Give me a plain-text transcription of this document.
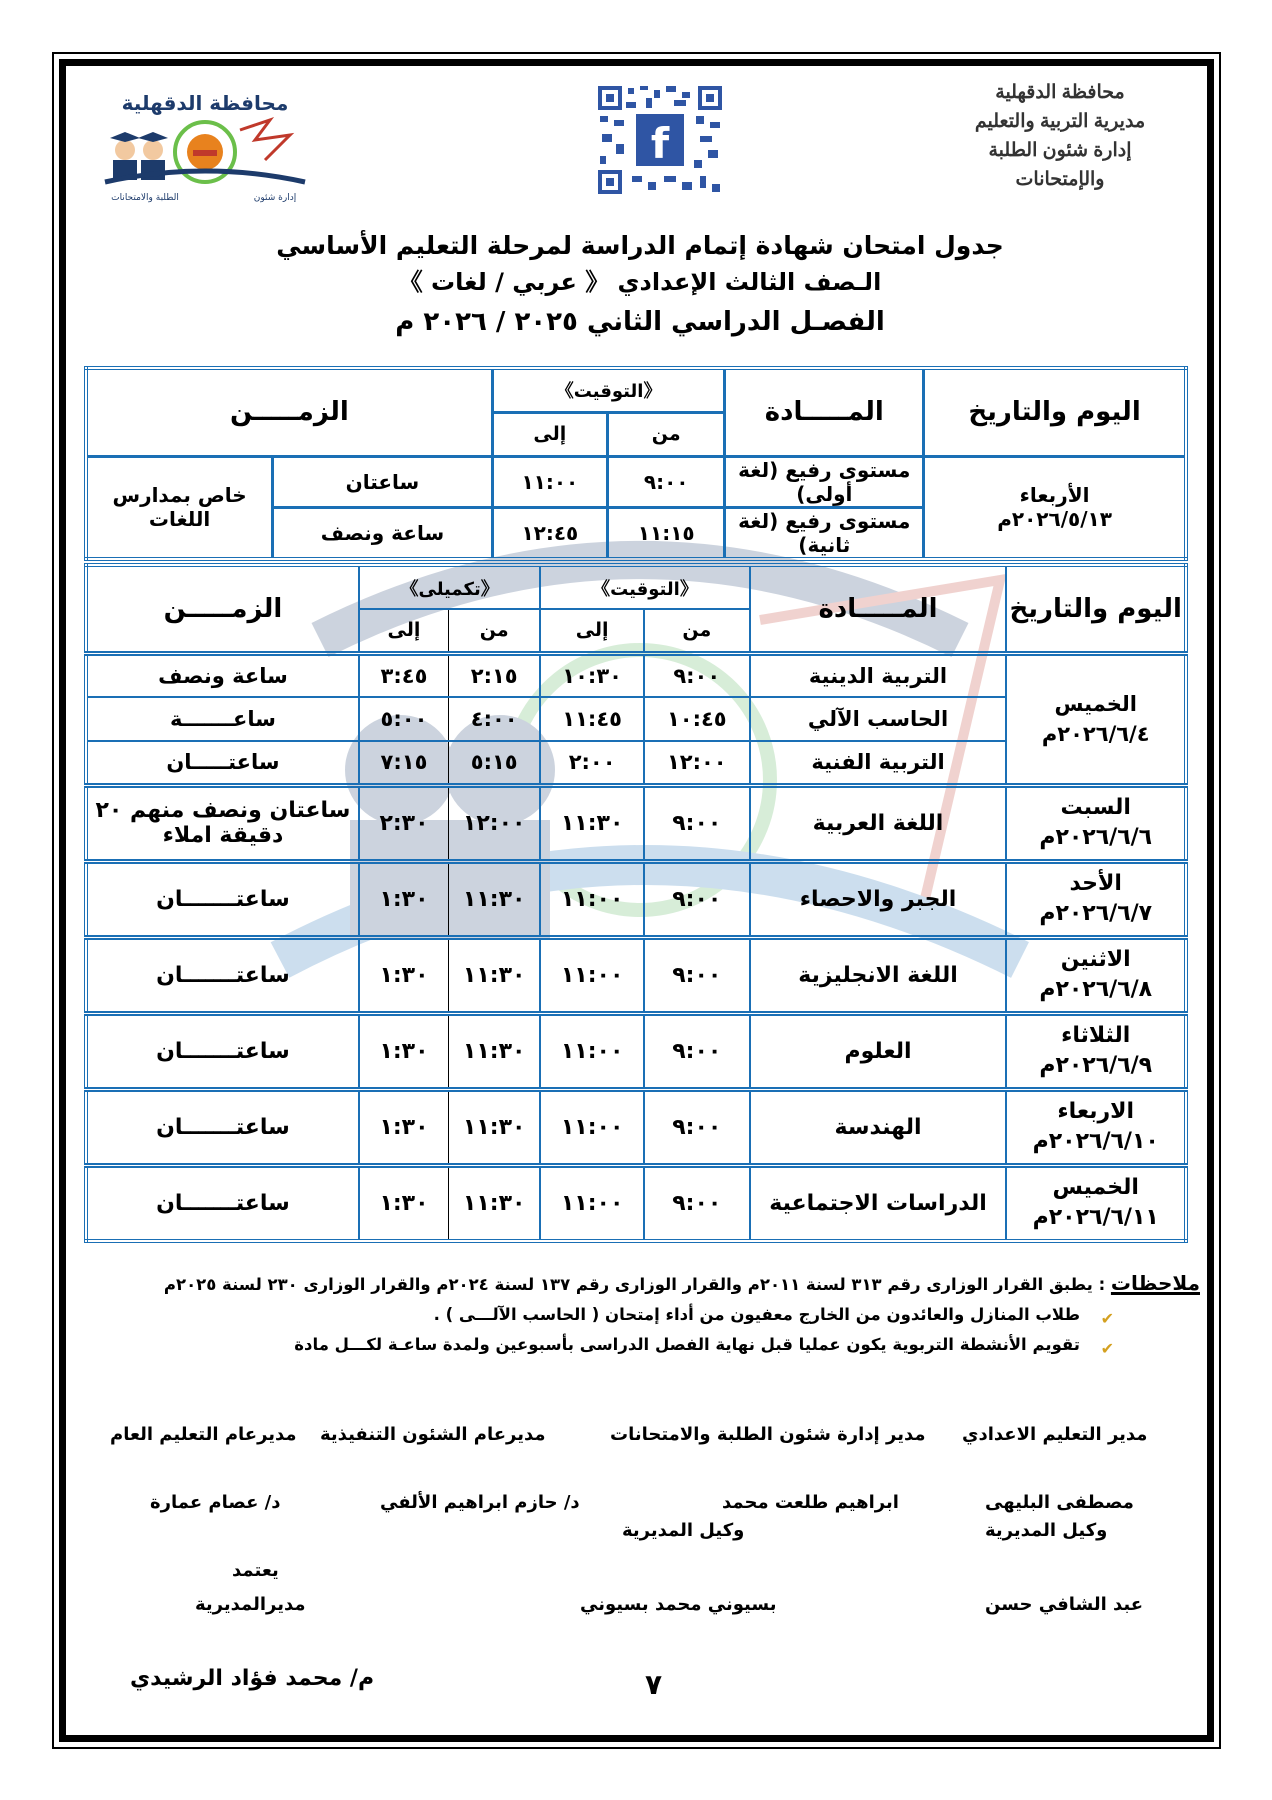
محافظة الدقهلية
مديرية التربية والتعليم
إدارة شئون الطلبة والإمتحانات
f
محافظة الدقهلية
الطلبة والامتحانات	إدارة شئون
جدول امتحان شهادة إتمام الدراسة لمرحلة التعليم الأساسي
الـصف الثالث الإعدادي 《 عربي / لغات 》
الفصـل الدراسي الثاني ٢٠٢٥ / ٢٠٢٦ م
اليوم والتاريخ	المـــــادة	《التوقيت》		الزمـــــن	
		من	إلى		

الأربعاء
٢٠٢٦/٥/١٣م	مستوى رفيع (لغة أولى)	٩:٠٠	١١:٠٠	ساعتان	خاص بمدارس اللغات
	مستوى رفيع (لغة ثانية)	١١:١٥	١٢:٤٥	ساعة ونصف	
اليوم والتاريخ	المـــــادة	《التوقيت》		《تكميلى》		الزمـــــن
		من	إلى	من	إلى	

الخميس
٢٠٢٦/٦/٤م	التربية الدينية	٩:٠٠	١٠:٣٠	٢:١٥	٣:٤٥	ساعة ونصف
	الحاسب الآلي	١٠:٤٥	١١:٤٥	٤:٠٠	٥:٠٠	ساعـــــــة
	التربية الفنية	١٢:٠٠	٢:٠٠	٥:١٥	٧:١٥	ساعتـــــان

السبت
٢٠٢٦/٦/٦م	اللغة العربية	٩:٠٠	١١:٣٠	١٢:٠٠	٢:٣٠	ساعتان ونصف منهم ٢٠ دقيقة املاء

الأحد
٢٠٢٦/٦/٧م	الجبر والاحصاء	٩:٠٠	١١:٠٠	١١:٣٠	١:٣٠	ساعتـــــــان

الاثنين
٢٠٢٦/٦/٨م	اللغة الانجليزية	٩:٠٠	١١:٠٠	١١:٣٠	١:٣٠	ساعتـــــــان

الثلاثاء
٢٠٢٦/٦/٩م	العلوم	٩:٠٠	١١:٠٠	١١:٣٠	١:٣٠	ساعتـــــــان

الاربعاء
٢٠٢٦/٦/١٠م	الهندسة	٩:٠٠	١١:٠٠	١١:٣٠	١:٣٠	ساعتـــــــان

الخميس
٢٠٢٦/٦/١١م	الدراسات الاجتماعية	٩:٠٠	١١:٠٠	١١:٣٠	١:٣٠	ساعتـــــــان
ملاحظات : يطبق القرار الوزارى رقم ٣١٣ لسنة ٢٠١١م والقرار الوزارى رقم ١٣٧ لسنة ٢٠٢٤م والقرار الوزارى ٢٣٠ لسنة ٢٠٢٥م
✔
طلاب المنازل والعائدون من الخارج معفيون من أداء إمتحان ( الحاسب الآلـــى ) .
✔
تقويم الأنشطة التربوية يكون عمليا قبل نهاية الفصل الدراسى بأسبوعين ولمدة ساعـة لكـــل مادة
مدير التعليم الاعدادي
مدير إدارة شئون الطلبة والامتحانات
مديرعام الشئون التنفيذية
مديرعام التعليم العام
مصطفى البليهى
ابراهيم طلعت محمد
د/ حازم ابراهيم الألفي
د/ عصام عمارة
وكيل المديرية
وكيل المديرية
يعتمد
عبد الشافي حسن
بسيوني محمد بسيوني
مديرالمديرية
م/ محمد فؤاد الرشيدي	٧
